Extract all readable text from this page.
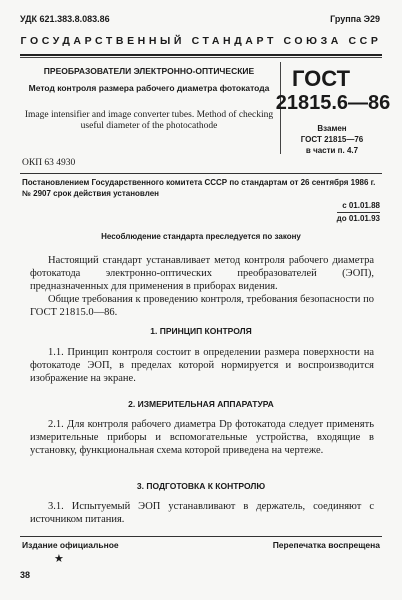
УДК 621.383.8.083.86	Группа Э29
ГОСУДАРСТВЕННЫЙ СТАНДАРТ СОЮЗА ССР
ПРЕОБРАЗОВАТЕЛИ ЭЛЕКТРОННО-ОПТИЧЕСКИЕ
Метод контроля размера рабочего диаметра фотокатода
Image intensifier and image converter tubes. Method of checking useful diameter of the photocathode
ГОСТ
21815.6—86
Взамен
ГОСТ 21815—76
в части п. 4.7
ОКП 63 4930
Постановлением Государственного комитета СССР по стандартам от 26 сентября 1986 г. № 2907 срок действия установлен
с 01.01.88
до 01.01.93
Несоблюдение стандарта преследуется по закону
Настоящий стандарт устанавливает метод контроля рабочего диаметра фотокатода электронно-оптических преобразователей (ЭОП), предназначенных для применения в приборах видения.
Общие требования к проведению контроля, требования безопасности по ГОСТ 21815.0—86.
1. ПРИНЦИП КОНТРОЛЯ
1.1. Принцип контроля состоит в определении размера поверхности на фотокатоде ЭОП, в пределах которой нормируется и воспроизводится изображение на экране.
2. ИЗМЕРИТЕЛЬНАЯ АППАРАТУРА
2.1. Для контроля рабочего диаметра Dр фотокатода следует применять измерительные приборы и вспомогательные устройства, входящие в установку, функциональная схема которой приведена на чертеже.
3. ПОДГОТОВКА К КОНТРОЛЮ
3.1. Испытуемый ЭОП устанавливают в держатель, соединяют с источником питания.
Издание официальное	Перепечатка воспрещена
★
38
